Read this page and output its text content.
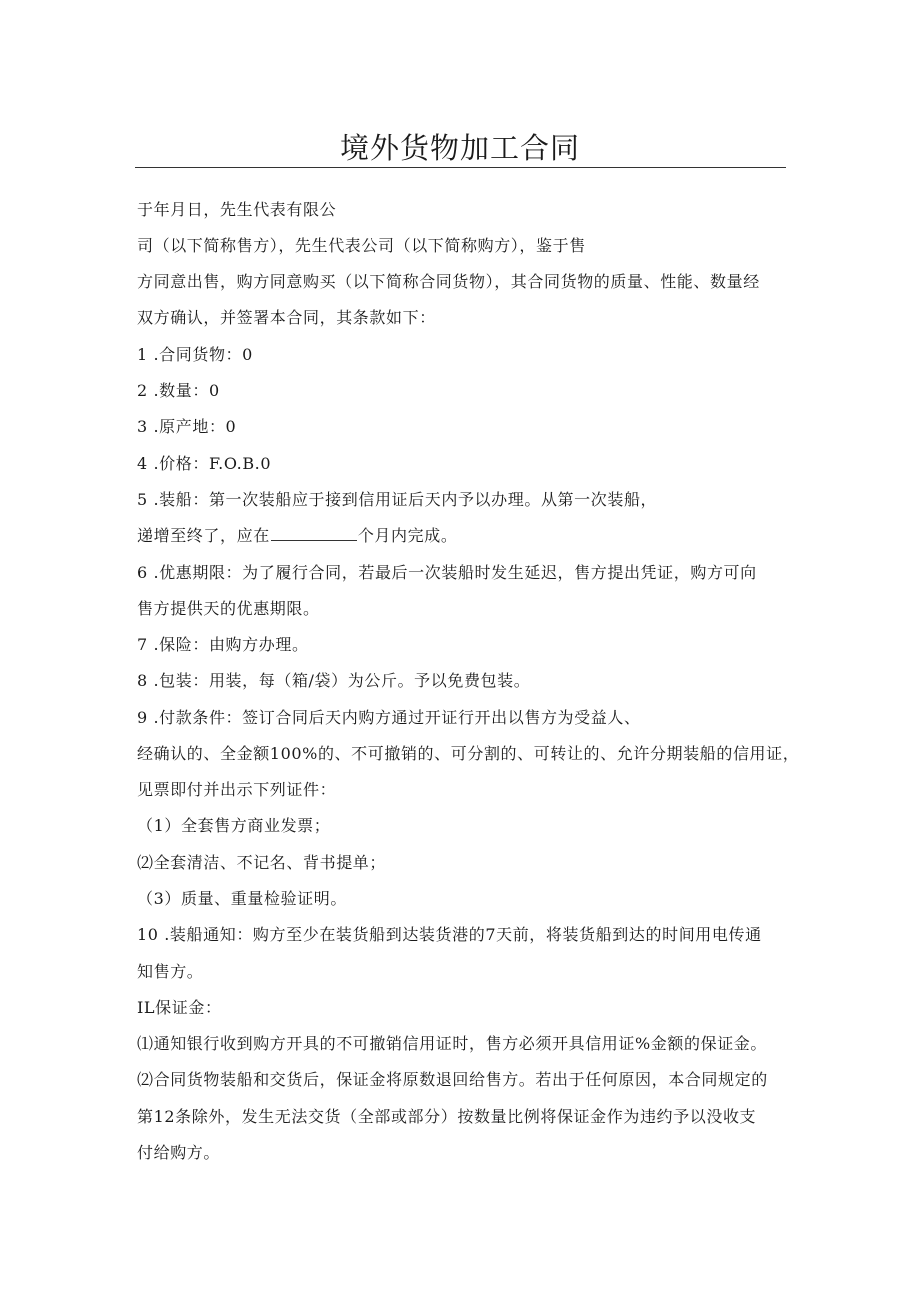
境外货物加工合同
于年月日，先生代表有限公
司（以下简称售方），先生代表公司（以下简称购方），鉴于售
方同意出售，购方同意购买（以下简称合同货物），其合同货物的质量、性能、数量经
双方确认，并签署本合同，其条款如下：
1 .合同货物：0
2 .数量：0
3 .原产地：0
4 .价格：F.O.B.0
5 .装船：第一次装船应于接到信用证后天内予以办理。从第一次装船，
递增至终了，应在	个月内完成。
6 .优惠期限：为了履行合同，若最后一次装船时发生延迟，售方提出凭证，购方可向
售方提供天的优惠期限。
7 .保险：由购方办理。
8 .包装：用装，每（箱/袋）为公斤。予以免费包装。
9 .付款条件：签订合同后天内购方通过开证行开出以售方为受益人、
经确认的、全金额100%的、不可撤销的、可分割的、可转让的、允许分期装船的信用证，
见票即付并出示下列证件：
（1）全套售方商业发票；
⑵全套清洁、不记名、背书提单；
（3）质量、重量检验证明。
10 .装船通知：购方至少在装货船到达装货港的7天前，将装货船到达的时间用电传通
知售方。
IL保证金：
⑴通知银行收到购方开具的不可撤销信用证时，售方必须开具信用证%金额的保证金。
⑵合同货物装船和交货后，保证金将原数退回给售方。若出于任何原因，本合同规定的
第12条除外，发生无法交货（全部或部分）按数量比例将保证金作为违约予以没收支
付给购方。
